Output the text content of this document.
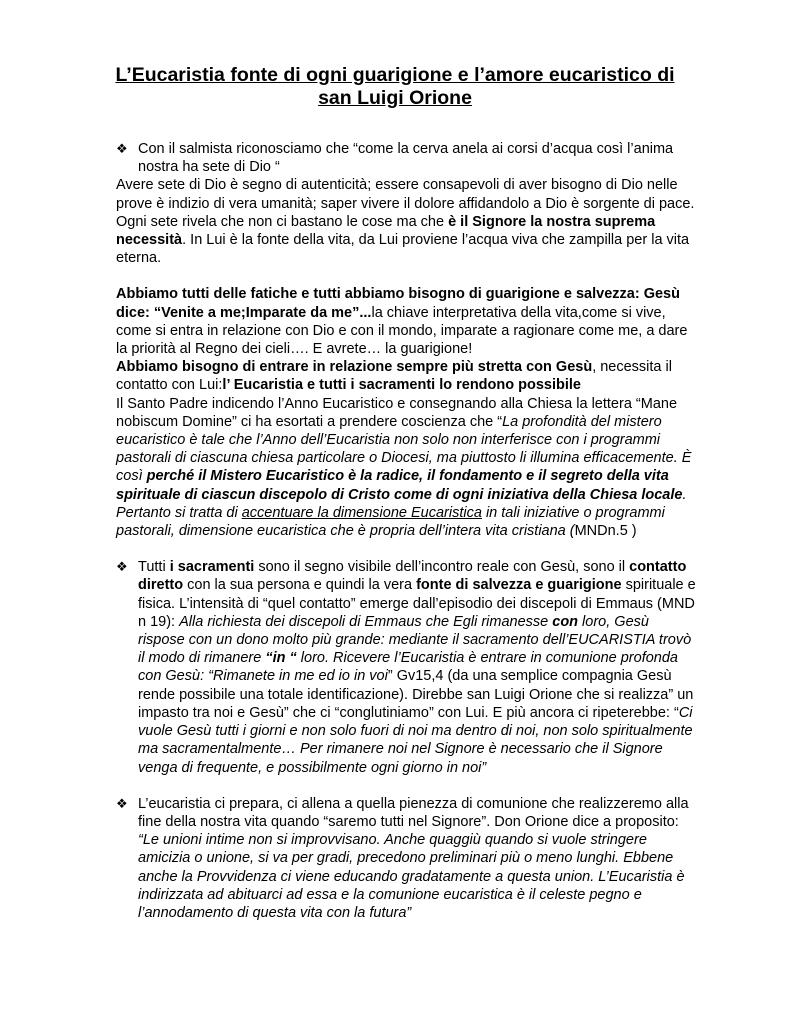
L’Eucaristia fonte di ogni guarigione e l’amore eucaristico di san Luigi Orione

❖ Con il salmista riconosciamo che “come la cerva anela ai corsi d’acqua così l’anima nostra ha sete di Dio “

Avere sete di Dio è segno di autenticità; essere consapevoli di aver bisogno di Dio nelle prove è indizio di vera umanità; saper vivere il dolore affidandolo a Dio è sorgente di pace.

Ogni sete rivela che non ci bastano le cose ma che è il Signore la nostra suprema necessità. In Lui è la fonte della vita, da Lui proviene l’acqua viva che zampilla per la vita eterna.

Abbiamo tutti delle fatiche e tutti abbiamo bisogno di guarigione e salvezza: Gesù dice: “Venite a me;Imparate da me”...la chiave interpretativa della vita,come si vive, come si entra in relazione con Dio e con il mondo, imparate a ragionare come me, a dare la priorità al Regno dei cieli…. E avrete… la guarigione!

Abbiamo bisogno di entrare in relazione sempre più stretta con Gesù, necessita il contatto con Lui:l’ Eucaristia e tutti i sacramenti lo rendono possibile

Il Santo Padre indicendo l’Anno Eucaristico e consegnando alla Chiesa la lettera “Mane nobiscum Domine” ci ha esortati a prendere coscienza che “La profondità del mistero eucaristico è tale che l’Anno dell’Eucaristia non solo non interferisce con i programmi pastorali di ciascuna chiesa particolare o Diocesi, ma piuttosto li illumina efficacemente. È così perché il Mistero Eucaristico è la radice, il fondamento e il segreto della vita spirituale di ciascun discepolo di Cristo come di ogni iniziativa della Chiesa locale. Pertanto si tratta di accentuare la dimensione Eucaristica in tali iniziative o programmi pastorali, dimensione eucaristica che è propria dell’intera vita cristiana (MNDn.5 )

❖ Tutti i sacramenti sono il segno visibile dell’incontro reale con Gesù, sono il contatto diretto con la sua persona e quindi la vera fonte di salvezza e guarigione spirituale e fisica. L’intensità di “quel contatto” emerge dall’episodio dei discepoli di Emmaus (MND n 19): Alla richiesta dei discepoli di Emmaus che Egli rimanesse con loro, Gesù rispose con un dono molto più grande: mediante il sacramento dell’EUCARISTIA trovò il modo di rimanere “in “ loro. Ricevere l’Eucaristia è entrare in comunione profonda con Gesù: “Rimanete in me ed io in voi” Gv15,4 (da una semplice compagnia Gesù rende possibile una totale identificazione). Direbbe san Luigi Orione che si realizza” un impasto tra noi e Gesù” che ci “conglutiniamo” con Lui. E più ancora ci ripeterebbe: “Ci vuole Gesù tutti i giorni e non solo fuori di noi ma dentro di noi, non solo spiritualmente ma sacramentalmente… Per rimanere noi nel Signore è necessario che il Signore venga di frequente, e possibilmente ogni giorno in noi”

❖ L’eucaristia ci prepara, ci allena a quella pienezza di comunione che realizzeremo alla fine della nostra vita quando “saremo tutti nel Signore”. Don Orione dice a proposito: “Le unioni intime non si improvvisano. Anche quaggiù quando si vuole stringere amicizia o unione, si va per gradi, precedono preliminari più o meno lunghi. Ebbene anche la Provvidenza ci viene educando gradatamente a questa union. L’Eucaristia è indirizzata ad abituarci ad essa e la comunione eucaristica è il celeste pegno e l’annodamento di questa vita con la futura”
